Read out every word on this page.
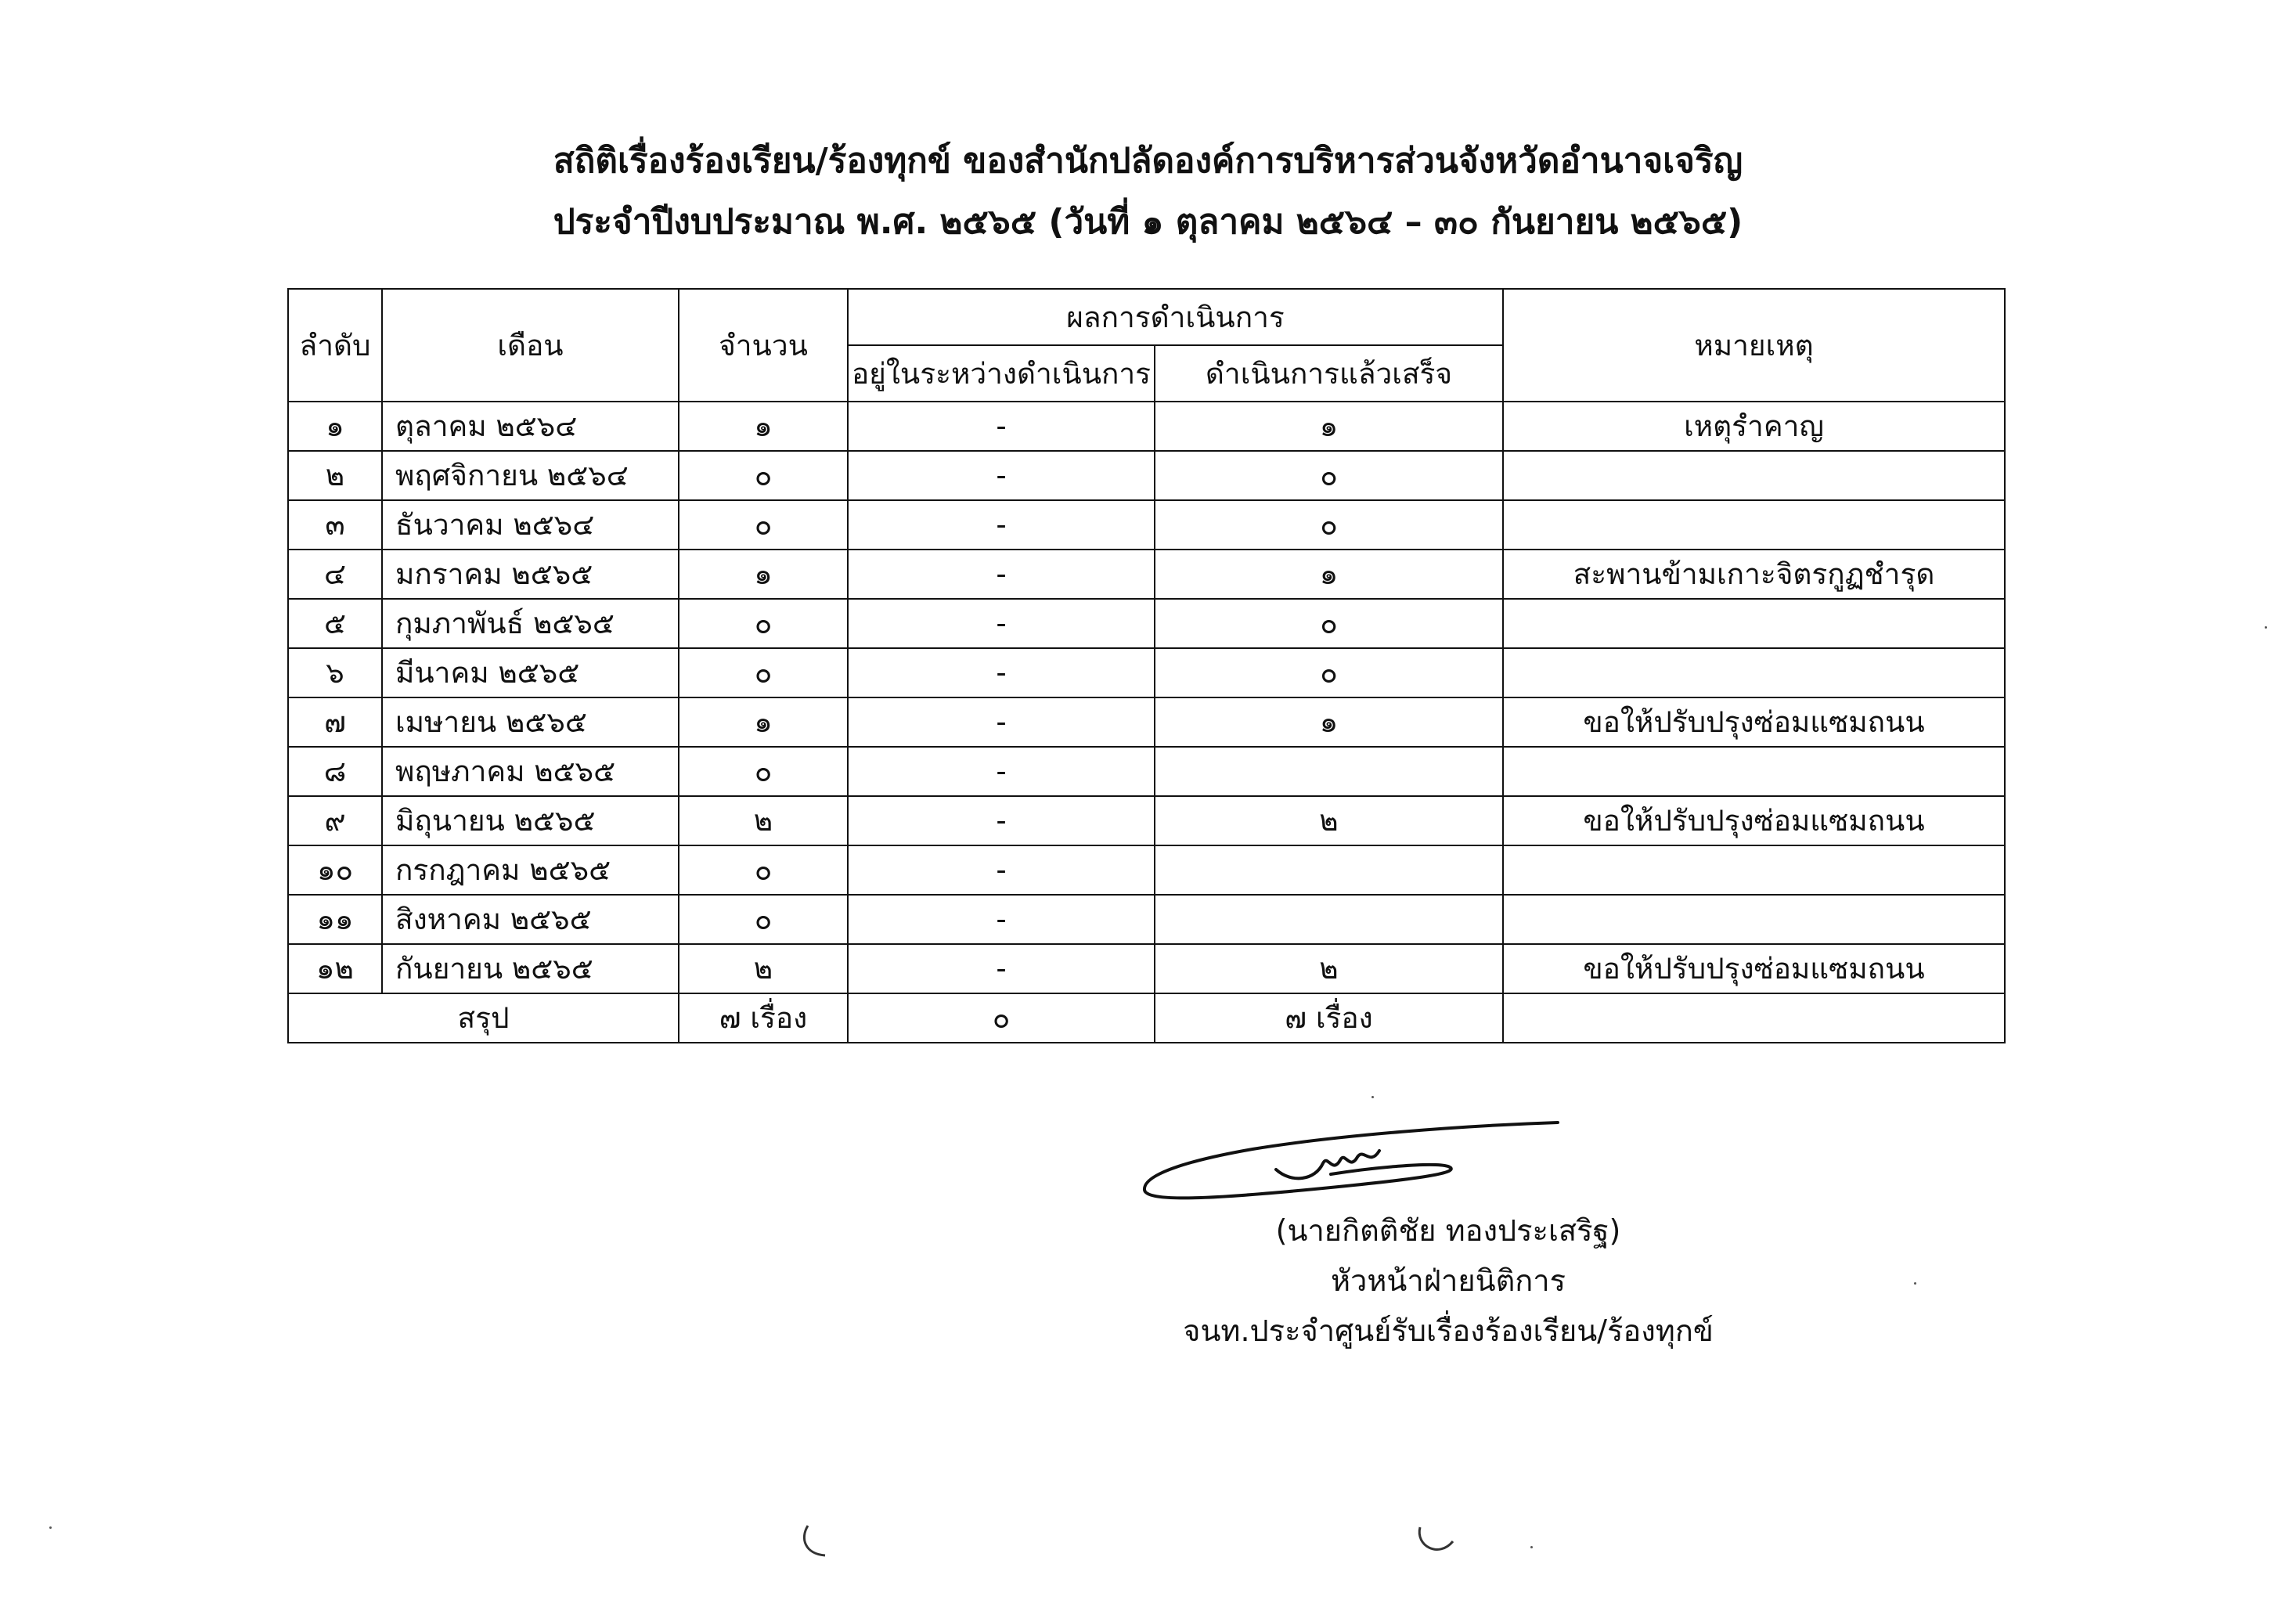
สถิติเรื่องร้องเรียน/ร้องทุกข์ ของสำนักปลัดองค์การบริหารส่วนจังหวัดอำนาจเจริญ
ประจำปีงบประมาณ พ.ศ. ๒๕๖๕ (วันที่ ๑ ตุลาคม ๒๕๖๔ – ๓๐ กันยายน ๒๕๖๕)
ลำดับ	เดือน	จำนวน	ผลการดำเนินการ		หมายเหตุ
			อยู่ในระหว่างดำเนินการ	ดำเนินการแล้วเสร็จ	
๑	ตุลาคม ๒๕๖๔	๑	-	๑	เหตุรำคาญ
๒	พฤศจิกายน ๒๕๖๔	๐	-	๐	
๓	ธันวาคม ๒๕๖๔	๐	-	๐	
๔	มกราคม ๒๕๖๕	๑	-	๑	สะพานข้ามเกาะจิตรกูฏชำรุด
๕	กุมภาพันธ์ ๒๕๖๕	๐	-	๐	
๖	มีนาคม ๒๕๖๕	๐	-	๐	
๗	เมษายน ๒๕๖๕	๑	-	๑	ขอให้ปรับปรุงซ่อมแซมถนน
๘	พฤษภาคม ๒๕๖๕	๐	-		
๙	มิถุนายน ๒๕๖๕	๒	-	๒	ขอให้ปรับปรุงซ่อมแซมถนน
๑๐	กรกฎาคม ๒๕๖๕	๐	-		
๑๑	สิงหาคม ๒๕๖๕	๐	-		
๑๒	กันยายน ๒๕๖๕	๒	-	๒	ขอให้ปรับปรุงซ่อมแซมถนน
สรุป		๗ เรื่อง	๐	๗ เรื่อง	
(นายกิตติชัย ทองประเสริฐ)
หัวหน้าฝ่ายนิติการ
จนท.ประจำศูนย์รับเรื่องร้องเรียน/ร้องทุกข์
